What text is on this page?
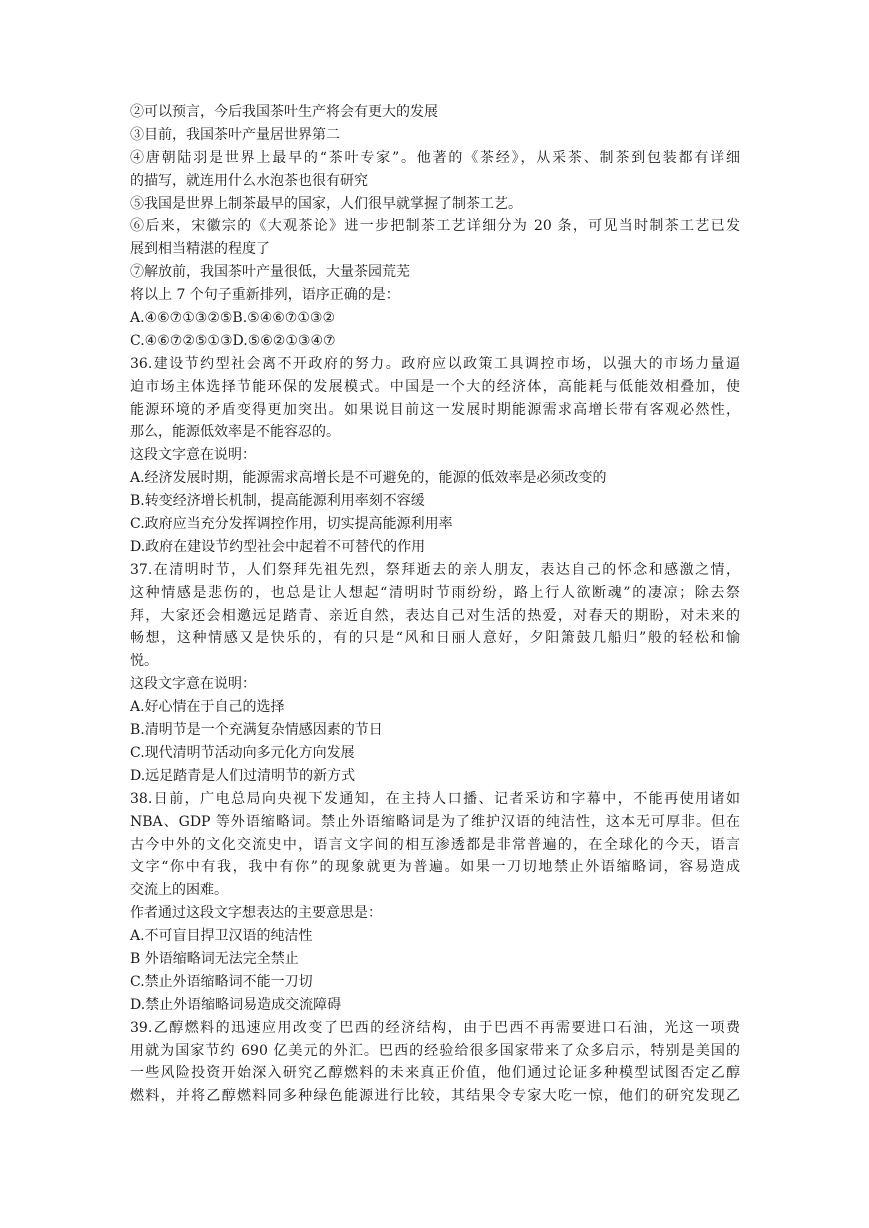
②可以预言，今后我国茶叶生产将会有更大的发展
③目前，我国茶叶产量居世界第二
④唐朝陆羽是世界上最早的“茶叶专家”。他著的《茶经》，从采茶、制茶到包装都有详细
的描写，就连用什么水泡茶也很有研究
⑤我国是世界上制茶最早的国家，人们很早就掌握了制茶工艺。
⑥后来，宋徽宗的《大观茶论》进一步把制茶工艺详细分为 20 条，可见当时制茶工艺已发
展到相当精湛的程度了
⑦解放前，我国茶叶产量很低，大量茶园荒芜
将以上 7 个句子重新排列，语序正确的是：
A.④⑥⑦①③②⑤B.⑤④⑥⑦①③②
C.④⑥⑦②⑤①③D.⑤⑥②①③④⑦
36.建设节约型社会离不开政府的努力。政府应以政策工具调控市场，以强大的市场力量逼
迫市场主体选择节能环保的发展模式。中国是一个大的经济体，高能耗与低能效相叠加，使
能源环境的矛盾变得更加突出。如果说目前这一发展时期能源需求高增长带有客观必然性，
那么，能源低效率是不能容忍的。
这段文字意在说明：
A.经济发展时期，能源需求高增长是不可避免的，能源的低效率是必须改变的
B.转变经济增长机制，提高能源利用率刻不容缓
C.政府应当充分发挥调控作用，切实提高能源利用率
D.政府在建设节约型社会中起着不可替代的作用
37.在清明时节，人们祭拜先祖先烈，祭拜逝去的亲人朋友，表达自己的怀念和感激之情，
这种情感是悲伤的，也总是让人想起“清明时节雨纷纷，路上行人欲断魂”的凄凉；除去祭
拜，大家还会相邀远足踏青、亲近自然，表达自己对生活的热爱，对春天的期盼，对未来的
畅想，这种情感又是快乐的，有的只是“风和日丽人意好，夕阳箫鼓几船归”般的轻松和愉
悦。
这段文字意在说明：
A.好心情在于自己的选择
B.清明节是一个充满复杂情感因素的节日
C.现代清明节活动向多元化方向发展
D.远足踏青是人们过清明节的新方式
38.日前，广电总局向央视下发通知，在主持人口播、记者采访和字幕中，不能再使用诸如
NBA、GDP 等外语缩略词。禁止外语缩略词是为了维护汉语的纯洁性，这本无可厚非。但在
古今中外的文化交流史中，语言文字间的相互渗透都是非常普遍的，在全球化的今天，语言
文字“你中有我，我中有你”的现象就更为普遍。如果一刀切地禁止外语缩略词，容易造成
交流上的困难。
作者通过这段文字想表达的主要意思是：
A.不可盲目捍卫汉语的纯洁性
B 外语缩略词无法完全禁止
C.禁止外语缩略词不能一刀切
D.禁止外语缩略词易造成交流障碍
39.乙醇燃料的迅速应用改变了巴西的经济结构，由于巴西不再需要进口石油，光这一项费
用就为国家节约 690 亿美元的外汇。巴西的经验给很多国家带来了众多启示，特别是美国的
一些风险投资开始深入研究乙醇燃料的未来真正价值，他们通过论证多种模型试图否定乙醇
燃料，并将乙醇燃料同多种绿色能源进行比较，其结果令专家大吃一惊，他们的研究发现乙
